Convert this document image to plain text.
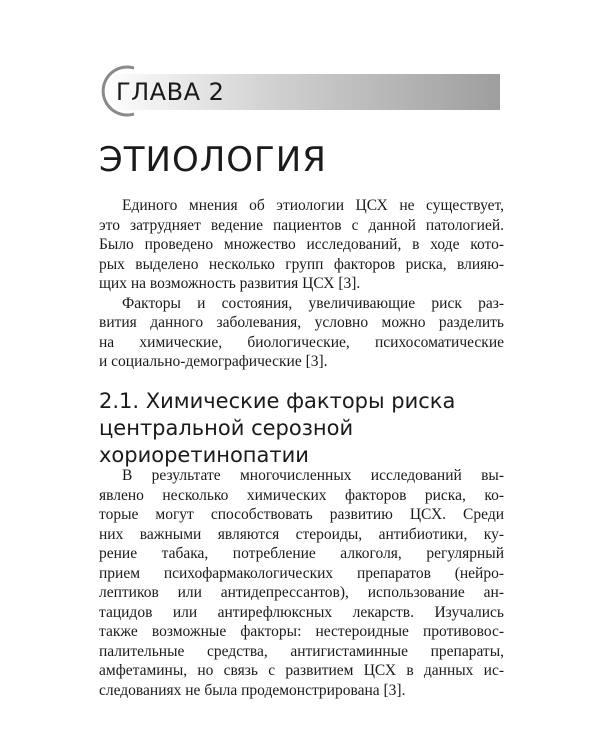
ГЛАВА 2
ЭТИОЛОГИЯ
Единого мнения об этиологии ЦСХ не существует,
это затрудняет ведение пациентов с данной патологией.
Было проведено множество исследований, в ходе кото-
рых выделено несколько групп факторов риска, влияю-
щих на возможность развития ЦСХ [3].
Факторы и состояния, увеличивающие риск раз-
вития данного заболевания, условно можно разделить
на химические, биологические, психосоматические
и социально-демографические [3].
2.1. Химические факторы риска
центральной серозной
хориоретинопатии
В результате многочисленных исследований вы-
явлено несколько химических факторов риска, ко-
торые могут способствовать развитию ЦСХ. Среди
них важными являются стероиды, антибиотики, ку-
рение табака, потребление алкоголя, регулярный
прием психофармакологических препаратов (нейро-
лептиков или антидепрессантов), использование ан-
тацидов или антирефлюксных лекарств. Изучались
также возможные факторы: нестероидные противовос-
палительные средства, антигистаминные препараты,
амфетамины, но связь с развитием ЦСХ в данных ис-
следованиях не была продемонстрирована [3].
